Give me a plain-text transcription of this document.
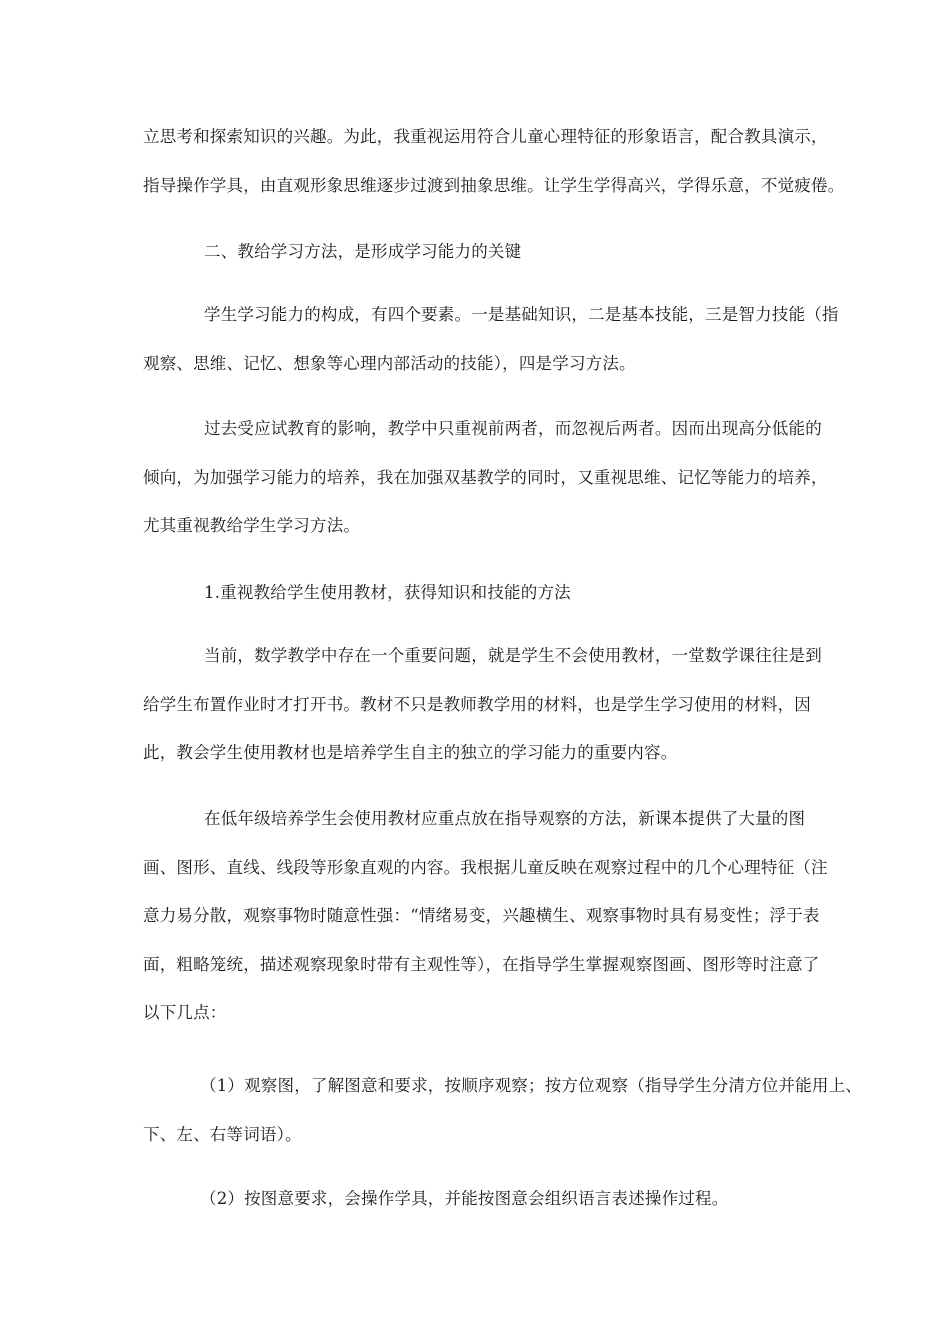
立思考和探索知识的兴趣。为此，我重视运用符合儿童心理特征的形象语言，配合教具演示，
指导操作学具，由直观形象思维逐步过渡到抽象思维。让学生学得高兴，学得乐意，不觉疲倦。

二、教给学习方法，是形成学习能力的关键

学生学习能力的构成，有四个要素。一是基础知识，二是基本技能，三是智力技能（指
观察、思维、记忆、想象等心理内部活动的技能），四是学习方法。

过去受应试教育的影响，教学中只重视前两者，而忽视后两者。因而出现高分低能的
倾向，为加强学习能力的培养，我在加强双基教学的同时，又重视思维、记忆等能力的培养，
尤其重视教给学生学习方法。

1.重视教给学生使用教材，获得知识和技能的方法

当前，数学教学中存在一个重要问题，就是学生不会使用教材，一堂数学课往往是到
给学生布置作业时才打开书。教材不只是教师教学用的材料，也是学生学习使用的材料，因
此，教会学生使用教材也是培养学生自主的独立的学习能力的重要内容。

在低年级培养学生会使用教材应重点放在指导观察的方法，新课本提供了大量的图
画、图形、直线、线段等形象直观的内容。我根据儿童反映在观察过程中的几个心理特征（注
意力易分散，观察事物时随意性强：“情绪易变，兴趣横生、观察事物时具有易变性；浮于表
面，粗略笼统，描述观察现象时带有主观性等），在指导学生掌握观察图画、图形等时注意了
以下几点：

（1）观察图，了解图意和要求，按顺序观察；按方位观察（指导学生分清方位并能用上、
下、左、右等词语）。

（2）按图意要求，会操作学具，并能按图意会组织语言表述操作过程。
